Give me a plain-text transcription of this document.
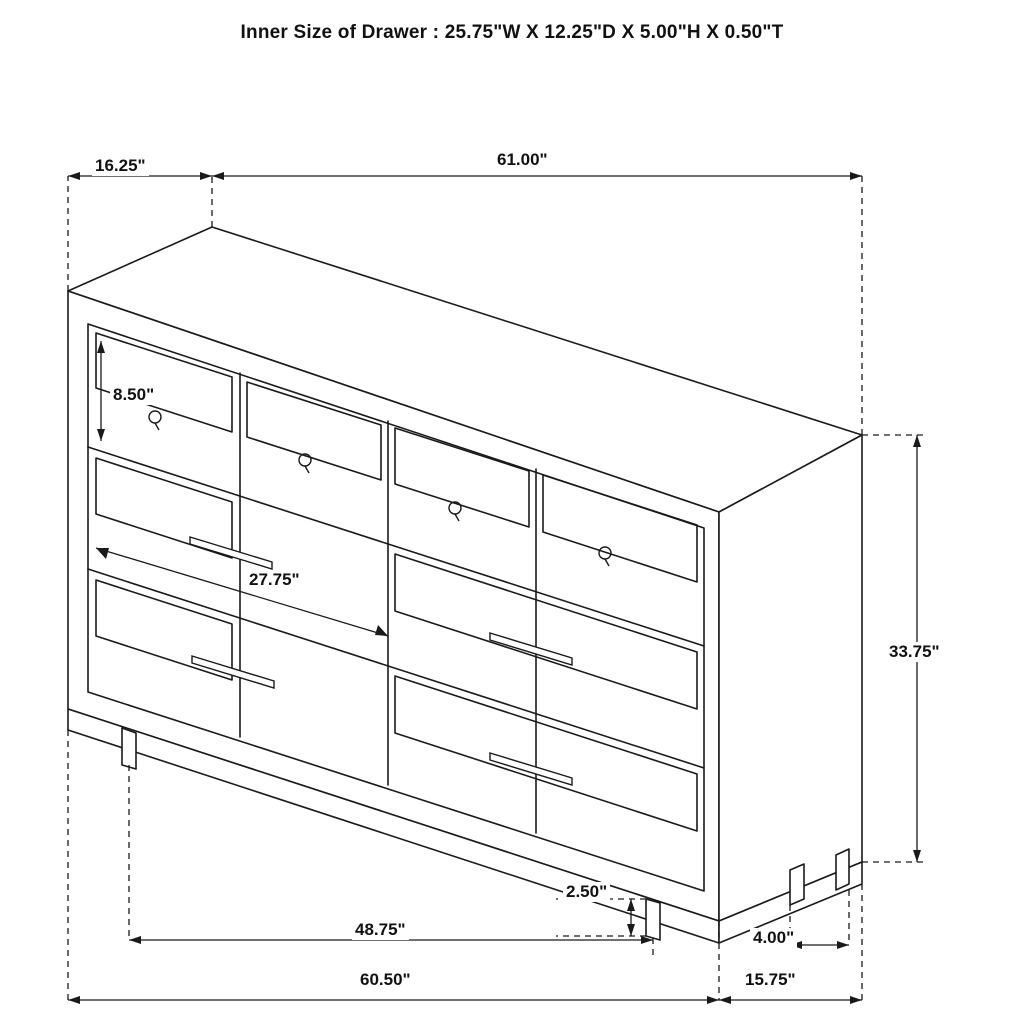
Inner Size of Drawer : 25.75"W X 12.25"D X 5.00"H X 0.50"T
16.25"	61.00"
8.50"
27.75"
33.75"
2.50"
48.75"	4.00"
60.50"	15.75"
